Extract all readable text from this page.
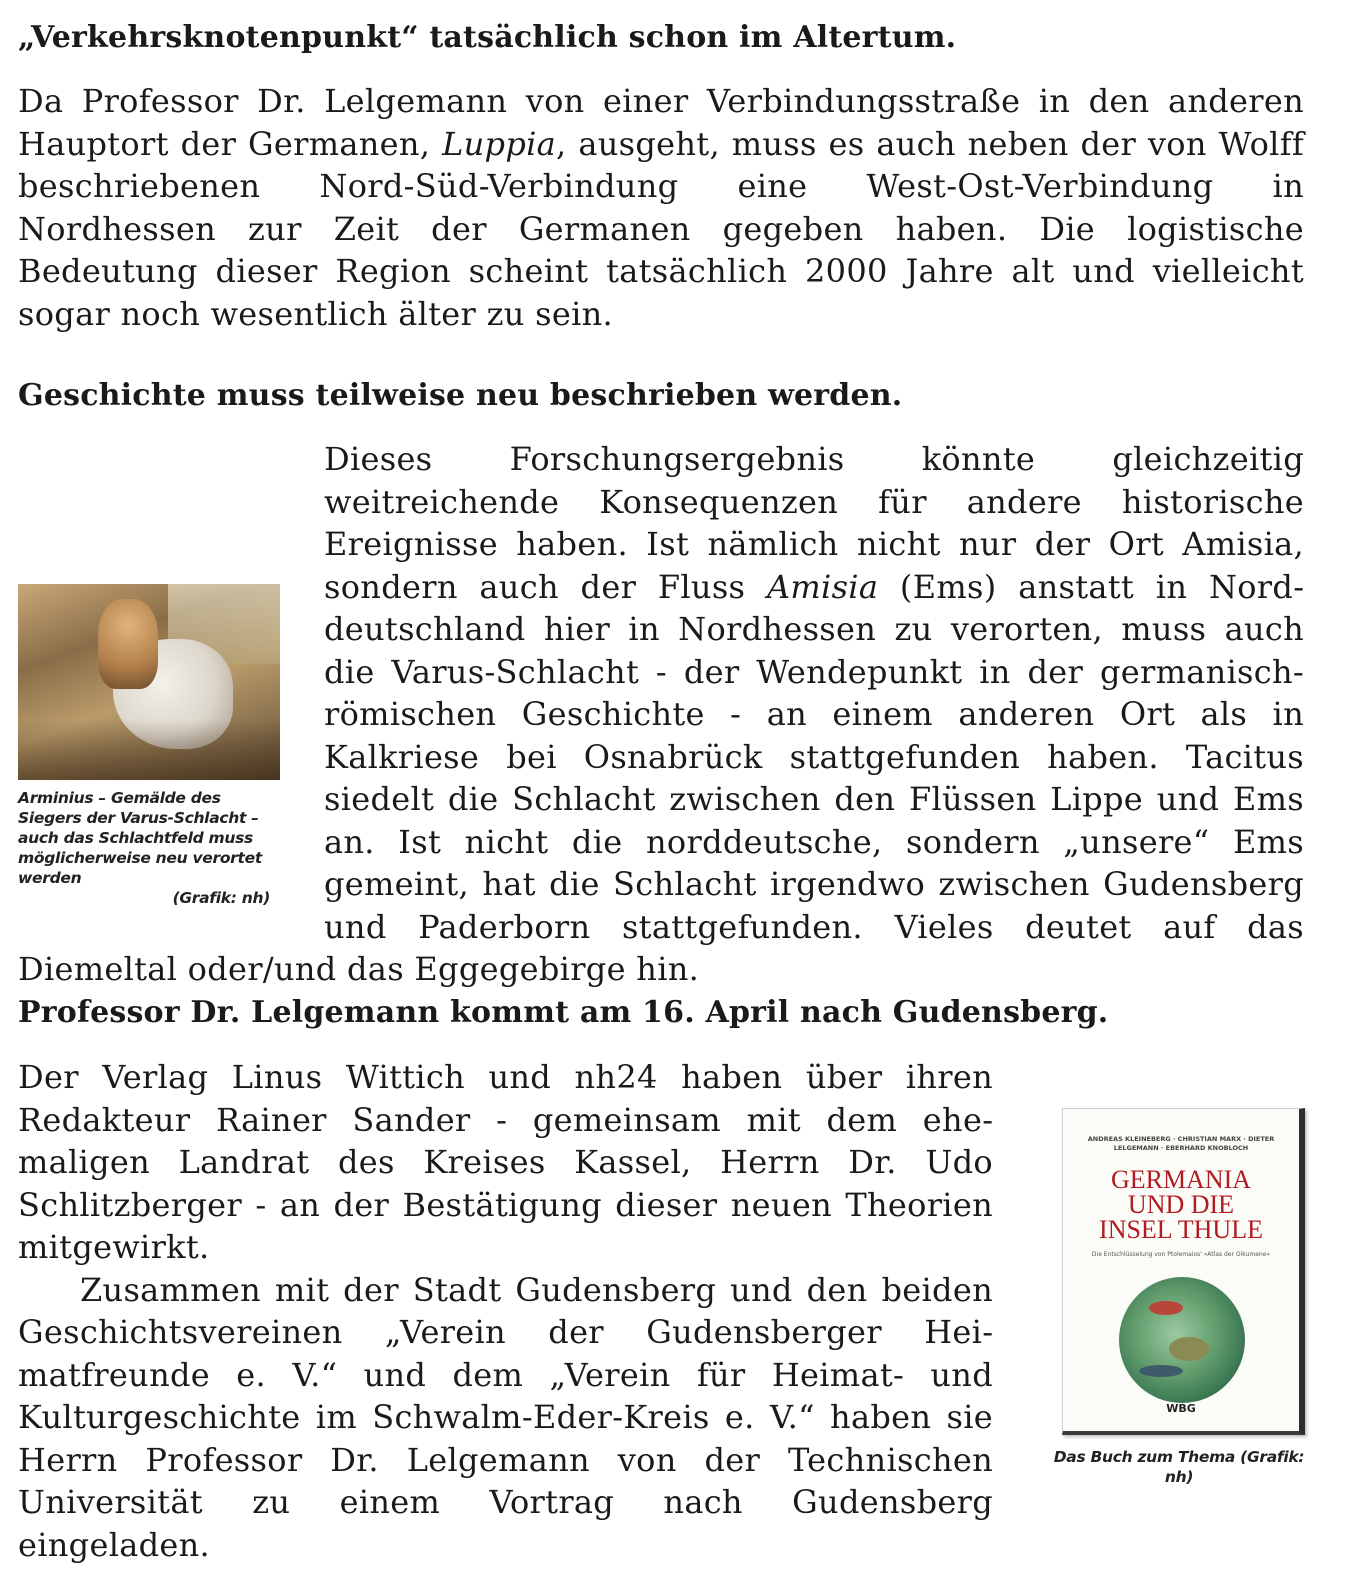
„Verkehrsknotenpunkt“ tatsächlich schon im Altertum.

Da Professor Dr. Lelgemann von einer Verbindungsstraße in den anderen Hauptort der Germanen, Luppia, ausgeht, muss es auch neben der von Wolff beschriebenen Nord-Süd-Verbindung eine West-Ost-Verbindung in Nordhessen zur Zeit der Germanen gegeben haben. Die logistische Bedeutung dieser Region scheint tatsächlich 2000 Jahre alt und vielleicht sogar noch wesentlich älter zu sein.

Geschichte muss teilweise neu beschrieben werden.

Dieses Forschungsergebnis könnte gleichzeitig weitreichende Konsequenzen für andere historische Ereignisse haben. Ist nämlich nicht nur der Ort Amisia, sondern auch der Fluss Amisia (Ems) anstatt in Norddeutschland hier in Nordhessen zu verorten, muss auch die Varus-Schlacht - der Wendepunkt in der germanisch-römischen Geschichte - an einem anderen Ort als in Kalkriese bei Osnabrück stattgefunden haben. Tacitus siedelt die Schlacht zwischen den Flüssen Lippe und Ems an. Ist nicht die norddeutsche, sondern „unsere“ Ems gemeint, hat die Schlacht irgendwo zwischen Gudensberg und Paderborn stattgefunden. Vieles deutet auf das Diemeltal oder/und das Eggegebirge hin.

Arminius – Gemälde des Siegers der Varus-Schlacht – auch das Schlachtfeld muss möglicherweise neu verortet werden
(Grafik: nh)
Professor Dr. Lelgemann kommt am 16. April nach Gudensberg.

Der Verlag Linus Wittich und nh24 haben über ihren Redakteur Rainer Sander - gemeinsam mit dem ehemaligen Landrat des Kreises Kassel, Herrn Dr. Udo Schlitzberger - an der Bestätigung dieser neuen Theorien mitgewirkt.

Zusammen mit der Stadt Gudensberg und den beiden Geschichtsvereinen „Verein der Gudensberger Heimatfreunde e. V.“ und dem „Verein für Heimat- und Kulturgeschichte im Schwalm-Eder-Kreis e. V.“ haben sie Herrn Professor Dr. Lelgemann von der Technischen Universität zu einem Vortrag nach Gudensberg eingeladen.

ANDREAS KLEINEBERG · CHRISTIAN MARX · DIETER LELGEMANN · EBERHARD KNOBLOCH
GERMANIA
UND DIE
INSEL THULE
Die Entschlüsselung von Ptolemaios' »Atlas der Oikumene«
WBG
Das Buch zum Thema (Grafik: nh)
